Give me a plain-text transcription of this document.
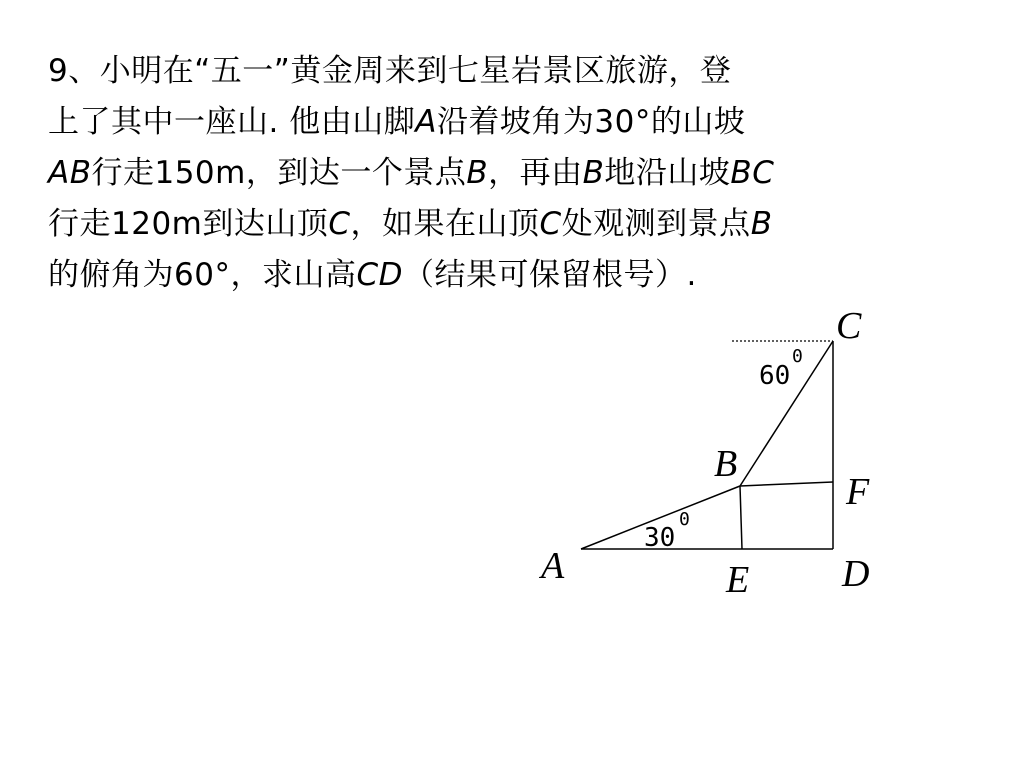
9、小明在“五一”黄金周来到七星岩景区旅游，登
上了其中一座山. 他由山脚A沿着坡角为30°的山坡
AB行走150m，到达一个景点B，再由B地沿山坡BC
行走120m到达山顶C，如果在山顶C处观测到景点B
的俯角为60°，求山高CD（结果可保留根号）.
C
B
F
A	E D
60
0
30
0
